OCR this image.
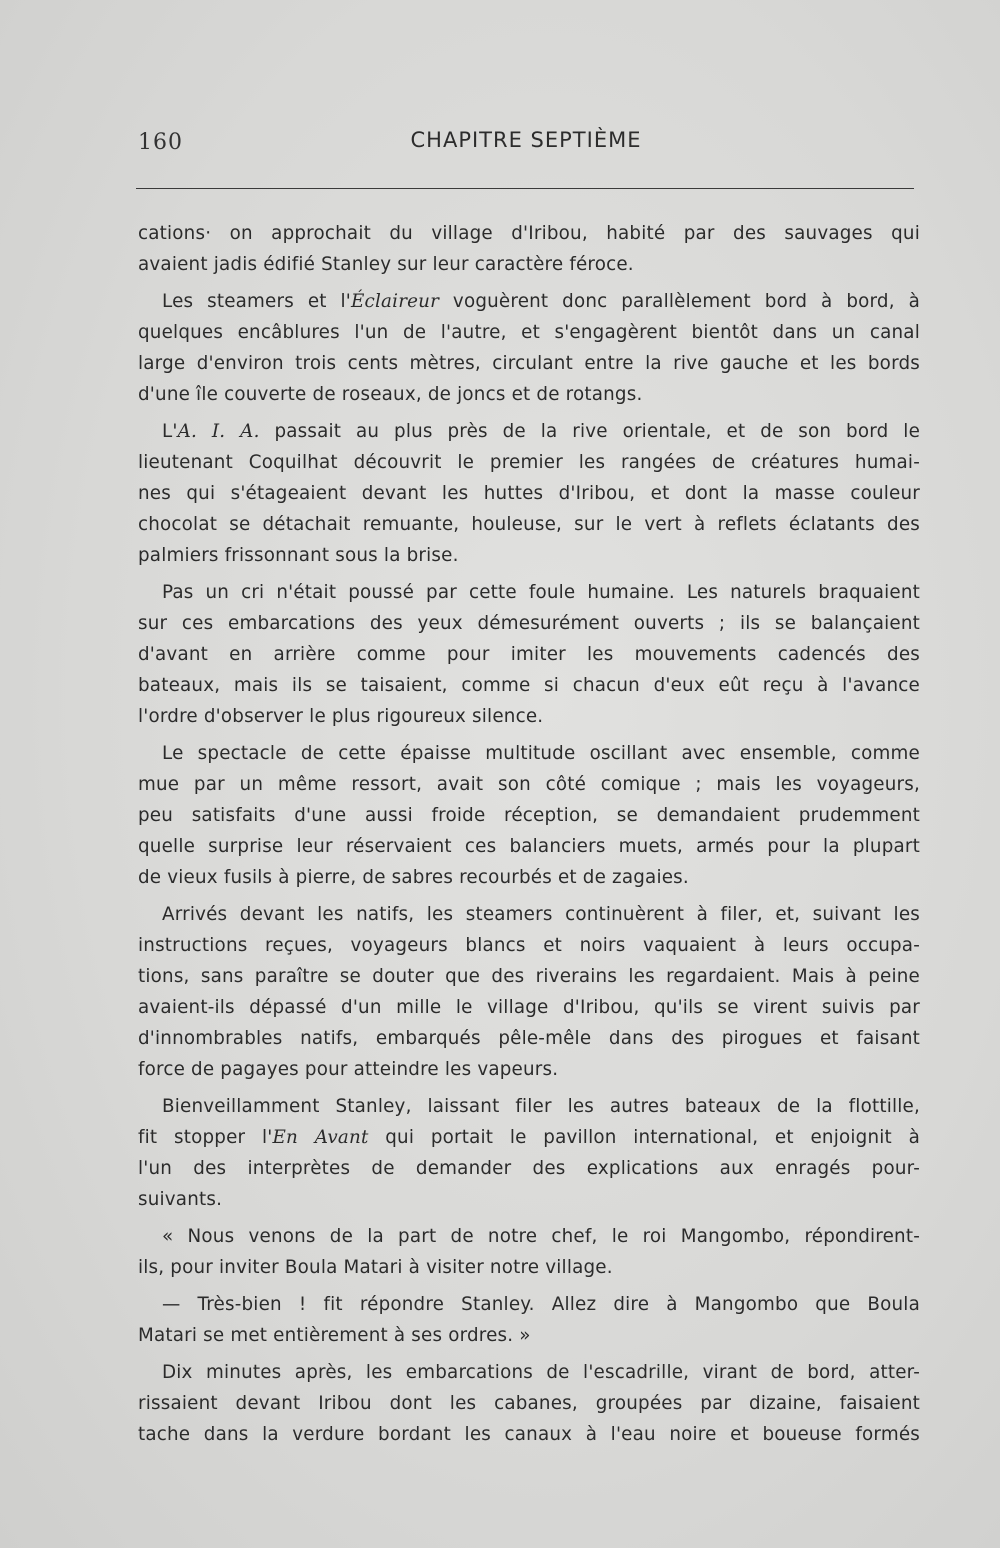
160	CHAPITRE SEPTIÈME
cations· on approchait du village d'Iribou, habité par des sauvages qui
avaient jadis édifié Stanley sur leur caractère féroce.
Les steamers et l'Éclaireur voguèrent donc parallèlement bord à bord, à
quelques encâblures l'un de l'autre, et s'engagèrent bientôt dans un canal
large d'environ trois cents mètres, circulant entre la rive gauche et les bords
d'une île couverte de roseaux, de joncs et de rotangs.
L'A. I. A. passait au plus près de la rive orientale, et de son bord le
lieutenant Coquilhat découvrit le premier les rangées de créatures humai-
nes qui s'étageaient devant les huttes d'Iribou, et dont la masse couleur
chocolat se détachait remuante, houleuse, sur le vert à reflets éclatants des
palmiers frissonnant sous la brise.
Pas un cri n'était poussé par cette foule humaine. Les naturels braquaient
sur ces embarcations des yeux démesurément ouverts ; ils se balançaient
d'avant en arrière comme pour imiter les mouvements cadencés des
bateaux, mais ils se taisaient, comme si chacun d'eux eût reçu à l'avance
l'ordre d'observer le plus rigoureux silence.
Le spectacle de cette épaisse multitude oscillant avec ensemble, comme
mue par un même ressort, avait son côté comique ; mais les voyageurs,
peu satisfaits d'une aussi froide réception, se demandaient prudemment
quelle surprise leur réservaient ces balanciers muets, armés pour la plupart
de vieux fusils à pierre, de sabres recourbés et de zagaies.
Arrivés devant les natifs, les steamers continuèrent à filer, et, suivant les
instructions reçues, voyageurs blancs et noirs vaquaient à leurs occupa-
tions, sans paraître se douter que des riverains les regardaient. Mais à peine
avaient-ils dépassé d'un mille le village d'Iribou, qu'ils se virent suivis par
d'innombrables natifs, embarqués pêle-mêle dans des pirogues et faisant
force de pagayes pour atteindre les vapeurs.
Bienveillamment Stanley, laissant filer les autres bateaux de la flottille,
fit stopper l'En Avant qui portait le pavillon international, et enjoignit à
l'un des interprètes de demander des explications aux enragés pour-
suivants.
« Nous venons de la part de notre chef, le roi Mangombo, répondirent-
ils, pour inviter Boula Matari à visiter notre village.
— Très-bien ! fit répondre Stanley. Allez dire à Mangombo que Boula
Matari se met entièrement à ses ordres. »
Dix minutes après, les embarcations de l'escadrille, virant de bord, atter-
rissaient devant Iribou dont les cabanes, groupées par dizaine, faisaient
tache dans la verdure bordant les canaux à l'eau noire et boueuse formés
